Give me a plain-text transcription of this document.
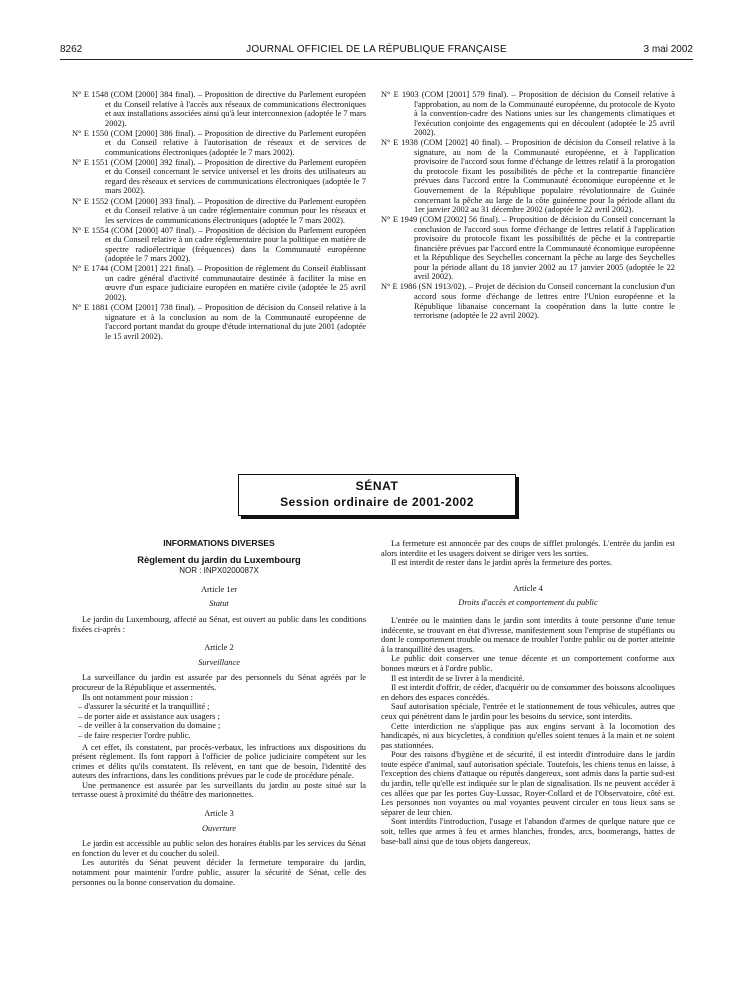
8262	JOURNAL OFFICIEL DE LA RÉPUBLIQUE FRANÇAISE	3 mai 2002
N° E 1548 (COM [2000] 384 final). – Proposition de directive du Parlement européen et du Conseil relative à l'accès aux réseaux de communications électroniques et aux installations associées ainsi qu'à leur interconnexion (adoptée le 7 mars 2002).
N° E 1550 (COM [2000] 386 final). – Proposition de directive du Parlement européen et du Conseil relative à l'autorisation de réseaux et de services de communications électroniques (adoptée le 7 mars 2002).
N° E 1551 (COM [2000] 392 final). – Proposition de directive du Parlement européen et du Conseil concernant le service universel et les droits des utilisateurs au regard des réseaux et services de communications électroniques (adoptée le 7 mars 2002).
N° E 1552 (COM [2000] 393 final). – Proposition de directive du Parlement européen et du Conseil relative à un cadre réglementaire commun pour les réseaux et les services de communications électroniques (adoptée le 7 mars 2002).
N° E 1554 (COM [2000] 407 final). – Proposition de décision du Parlement européen et du Conseil relative à un cadre réglementaire pour la politique en matière de spectre radioélectrique (fréquences) dans la Communauté européenne (adoptée le 7 mars 2002).
N° E 1744 (COM [2001] 221 final). – Proposition de règlement du Conseil établissant un cadre général d'activité communautaire destinée à faciliter la mise en œuvre d'un espace judiciaire européen en matière civile (adoptée le 25 avril 2002).
N° E 1881 (COM [2001] 738 final). – Proposition de décision du Conseil relative à la signature et à la conclusion au nom de la Communauté européenne de l'accord portant mandat du groupe d'étude international du jute 2001 (adoptée le 15 avril 2002).
N° E 1903 (COM [2001] 579 final). – Proposition de décision du Conseil relative à l'approbation, au nom de la Communauté européenne, du protocole de Kyoto à la convention-cadre des Nations unies sur les changements climatiques et l'exécution conjointe des engagements qui en découlent (adoptée le 25 avril 2002).
N° E 1938 (COM [2002] 40 final). – Proposition de décision du Conseil relative à la signature, au nom de la Communauté européenne, et à l'application provisoire de l'accord sous forme d'échange de lettres relatif à la prorogation du protocole fixant les possibilités de pêche et la contrepartie financière prévues dans l'accord entre la Communauté économique européenne et le Gouvernement de la République populaire révolutionnaire de Guinée concernant la pêche au large de la côte guinéenne pour la période allant du 1er janvier 2002 au 31 décembre 2002 (adoptée le 22 avril 2002).
N° E 1949 (COM [2002] 56 final). – Proposition de décision du Conseil concernant la conclusion de l'accord sous forme d'échange de lettres relatif à l'application provisoire du protocole fixant les possibilités de pêche et la contrepartie financière prévues par l'accord entre la Communauté économique européenne et la République des Seychelles concernant la pêche au large des Seychelles pour la période allant du 18 janvier 2002 au 17 janvier 2005 (adoptée le 22 avril 2002).
N° E 1986 (SN 1913/02). – Projet de décision du Conseil concernant la conclusion d'un accord sous forme d'échange de lettres entre l'Union européenne et la République libanaise concernant la coopération dans la lutte contre le terrorisme (adoptée le 22 avril 2002).
SÉNAT
Session ordinaire de 2001-2002

INFORMATIONS DIVERSES

Règlement du jardin du Luxembourg

NOR : INPX0200087X

Article 1er

Statut

Le jardin du Luxembourg, affecté au Sénat, est ouvert au public dans les conditions fixées ci-après :

Article 2

Surveillance

La surveillance du jardin est assurée par des personnels du Sénat agréés par le procureur de la République et assermentés.

Ils ont notamment pour mission :

– d'assurer la sécurité et la tranquillité ;

– de porter aide et assistance aux usagers ;

– de veiller à la conservation du domaine ;

– de faire respecter l'ordre public.

A cet effet, ils constatent, par procès-verbaux, les infractions aux dispositions du présent règlement. Ils font rapport à l'officier de police judiciaire compétent sur les crimes et délits qu'ils constatent. Ils relèvent, en tant que de besoin, l'identité des auteurs des infractions, dans les conditions prévues par le code de procédure pénale.

Une permanence est assurée par les surveillants du jardin au poste situé sur la terrasse ouest à proximité du théâtre des marionnettes.

Article 3

Ouverture

Le jardin est accessible au public selon des horaires établis par les services du Sénat en fonction du lever et du coucher du soleil.

Les autorités du Sénat peuvent décider la fermeture temporaire du jardin, notamment pour maintenir l'ordre public, assurer la sécurité de Sénat, celle des personnes ou la bonne conservation du domaine.

La fermeture est annoncée par des coups de sifflet prolongés. L'entrée du jardin est alors interdite et les usagers doivent se diriger vers les sorties.

Il est interdit de rester dans le jardin après la fermeture des portes.

Article 4

Droits d'accès et comportement du public

L'entrée ou le maintien dans le jardin sont interdits à toute personne d'une tenue indécente, se trouvant en état d'ivresse, manifestement sous l'emprise de stupéfiants ou dont le comportement trouble ou menace de troubler l'ordre public ou de porter atteinte à la tranquillité des usagers.

Le public doit conserver une tenue décente et un comportement conforme aux bonnes mœurs et à l'ordre public.

Il est interdit de se livrer à la mendicité.

Il est interdit d'offrir, de céder, d'acquérir ou de consommer des boissons alcooliques en dehors des espaces concédés.

Sauf autorisation spéciale, l'entrée et le stationnement de tous véhicules, autres que ceux qui pénètrent dans le jardin pour les besoins du service, sont interdits.

Cette interdiction ne s'applique pas aux engins servant à la locomotion des handicapés, ni aux bicyclettes, à condition qu'elles soient tenues à la main et ne soient pas stationnées.

Pour des raisons d'hygiène et de sécurité, il est interdit d'introduire dans le jardin toute espèce d'animal, sauf autorisation spéciale. Toutefois, les chiens tenus en laisse, à l'exception des chiens d'attaque ou réputés dangereux, sont admis dans la partie sud-est du jardin, telle qu'elle est indiquée sur le plan de signalisation. Ils ne peuvent accéder à ces allées que par les portes Guy-Lussac, Royer-Collard et de l'Observatoire, côté est. Les personnes non voyantes ou mal voyantes peuvent circuler en tous lieux sans se séparer de leur chien.

Sont interdits l'introduction, l'usage et l'abandon d'armes de quelque nature que ce soit, telles que armes à feu et armes blanches, frondes, arcs, boomerangs, battes de base-ball ainsi que de tous objets dangereux.
